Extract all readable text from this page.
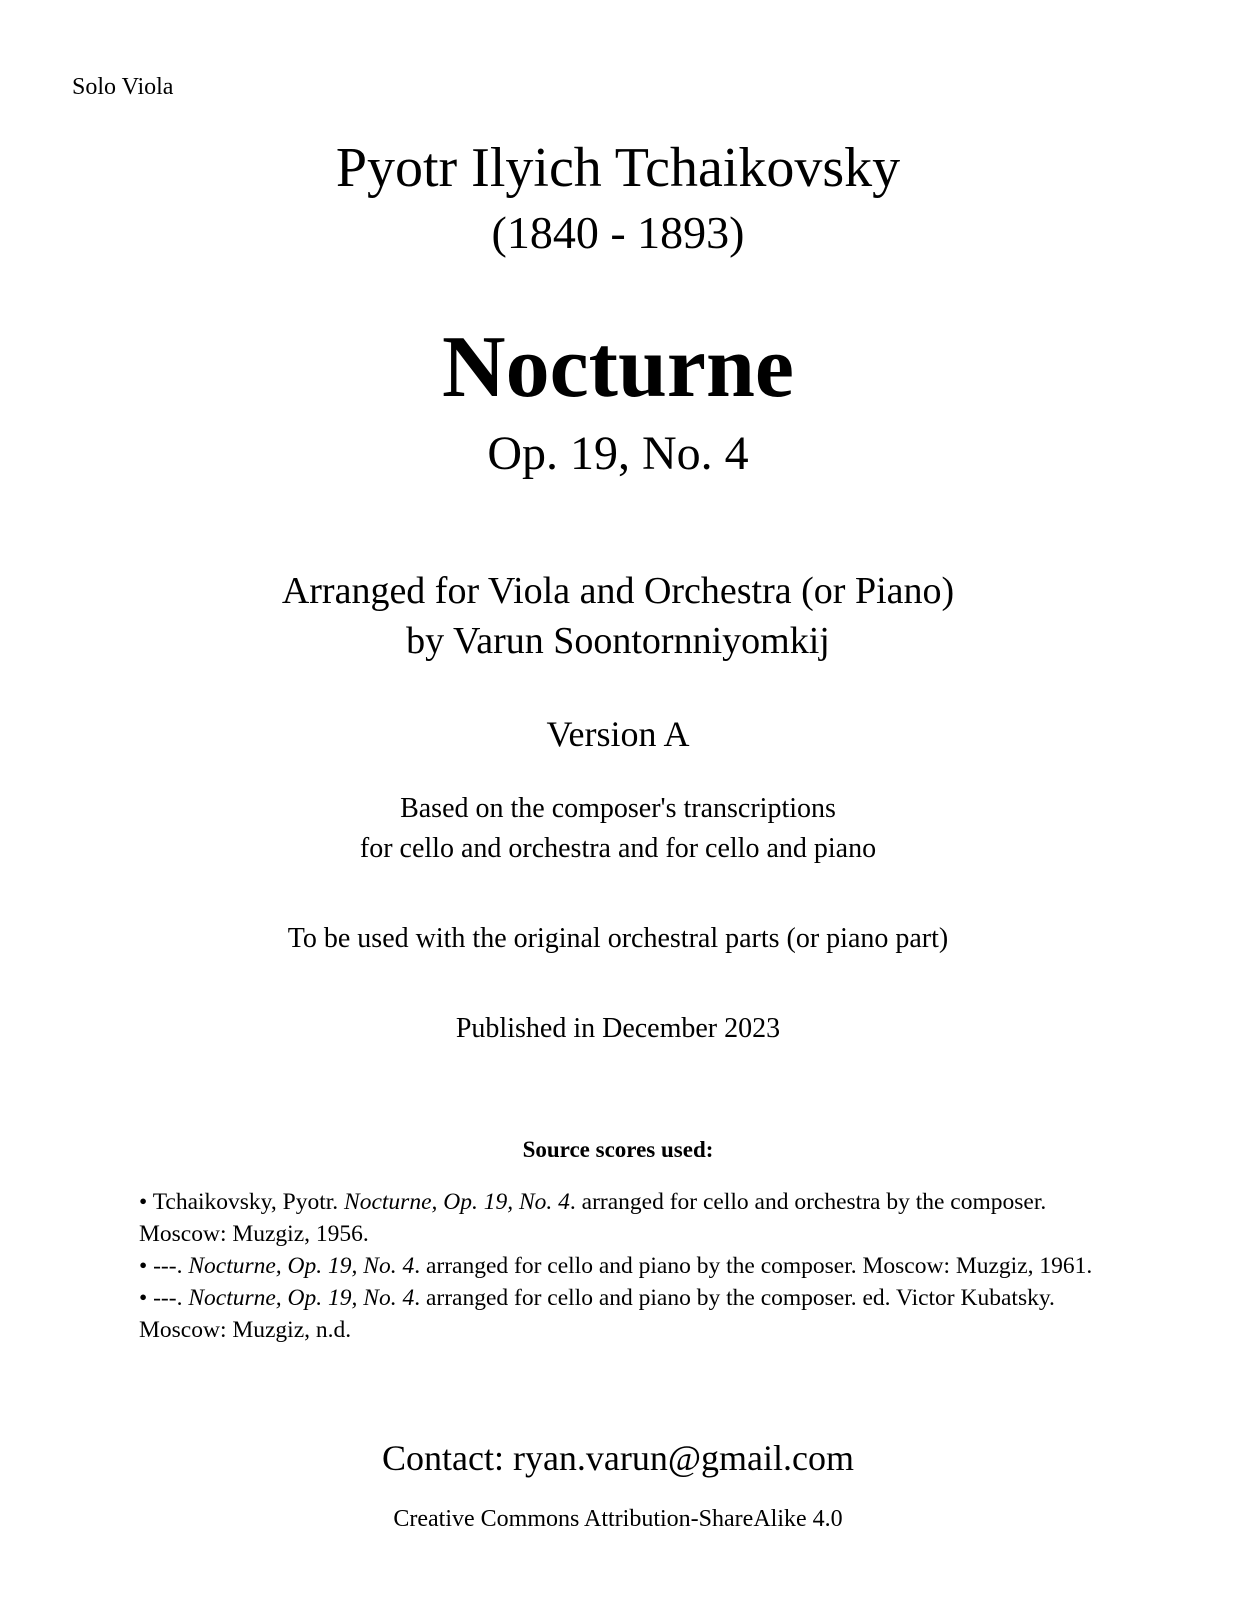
Solo Viola
Pyotr Ilyich Tchaikovsky
(1840 - 1893)
Nocturne
Op. 19, No. 4
Arranged for Viola and Orchestra (or Piano)
by Varun Soontornniyomkij
Version A
Based on the composer's transcriptions
for cello and orchestra and for cello and piano
To be used with the original orchestral parts (or piano part)
Published in December 2023
Source scores used:

• Tchaikovsky, Pyotr. Nocturne, Op. 19, No. 4. arranged for cello and orchestra by the composer. Moscow: Muzgiz, 1956.

• ---. Nocturne, Op. 19, No. 4. arranged for cello and piano by the composer. Moscow: Muzgiz, 1961.

• ---. Nocturne, Op. 19, No. 4. arranged for cello and piano by the composer. ed. Victor Kubatsky. Moscow: Muzgiz, n.d.

Contact: ryan.varun@gmail.com
Creative Commons Attribution-ShareAlike 4.0
